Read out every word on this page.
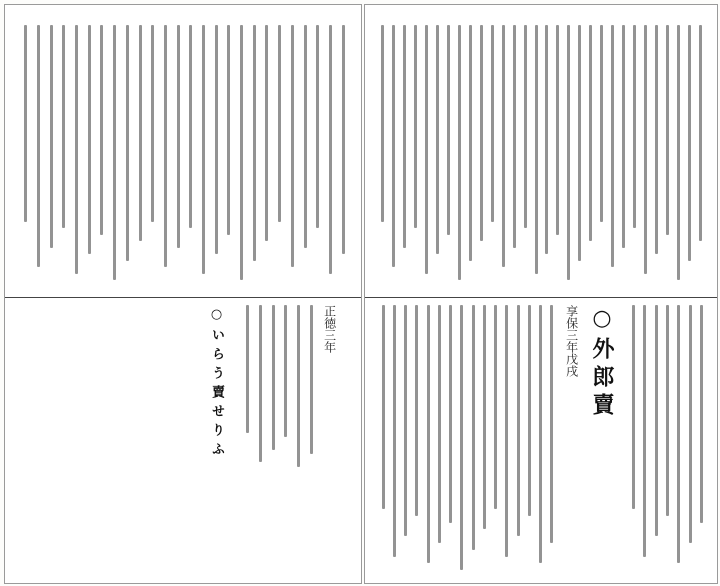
正徳三年
○いらう賣せりふ	享保三年戊戌 ○外郎賣
